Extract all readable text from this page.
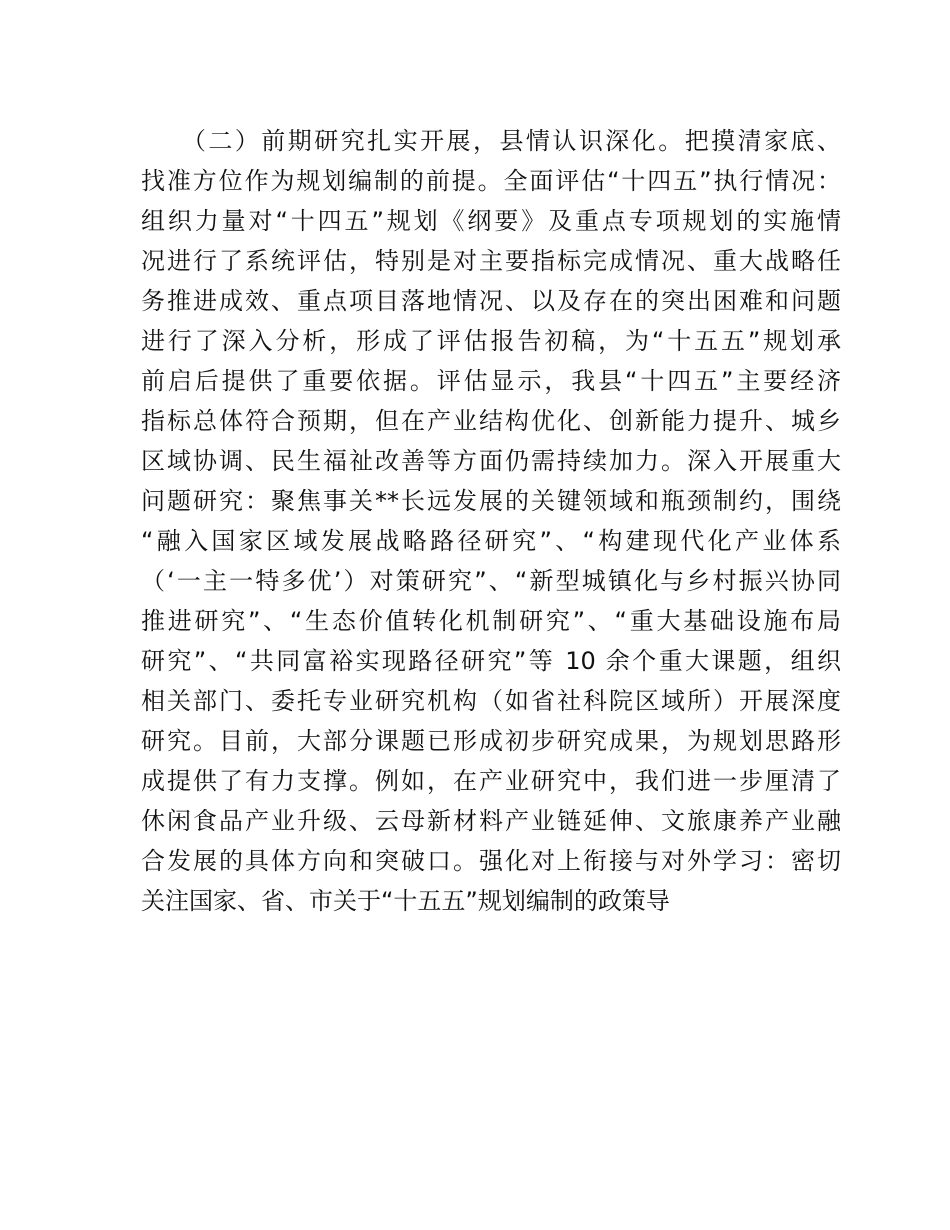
　　（二）前期研究扎实开展，县情认识深化。把摸清家底、
找准方位作为规划编制的前提。全面评估“十四五”执行情况：
组织力量对“十四五”规划《纲要》及重点专项规划的实施情
况进行了系统评估，特别是对主要指标完成情况、重大战略任
务推进成效、重点项目落地情况、以及存在的突出困难和问题
进行了深入分析，形成了评估报告初稿，为“十五五”规划承
前启后提供了重要依据。评估显示，我县“十四五”主要经济
指标总体符合预期，但在产业结构优化、创新能力提升、城乡
区域协调、民生福祉改善等方面仍需持续加力。深入开展重大
问题研究：聚焦事关**长远发展的关键领域和瓶颈制约，围绕
“融入国家区域发展战略路径研究”、“构建现代化产业体系
（‘一主一特多优’）对策研究”、“新型城镇化与乡村振兴协同
推进研究”、“生态价值转化机制研究”、“重大基础设施布局
研究”、“共同富裕实现路径研究”等 10 余个重大课题，组织
相关部门、委托专业研究机构（如省社科院区域所）开展深度
研究。目前，大部分课题已形成初步研究成果，为规划思路形
成提供了有力支撑。例如，在产业研究中，我们进一步厘清了
休闲食品产业升级、云母新材料产业链延伸、文旅康养产业融
合发展的具体方向和突破口。强化对上衔接与对外学习：密切
关注国家、省、市关于“十五五”规划编制的政策导
